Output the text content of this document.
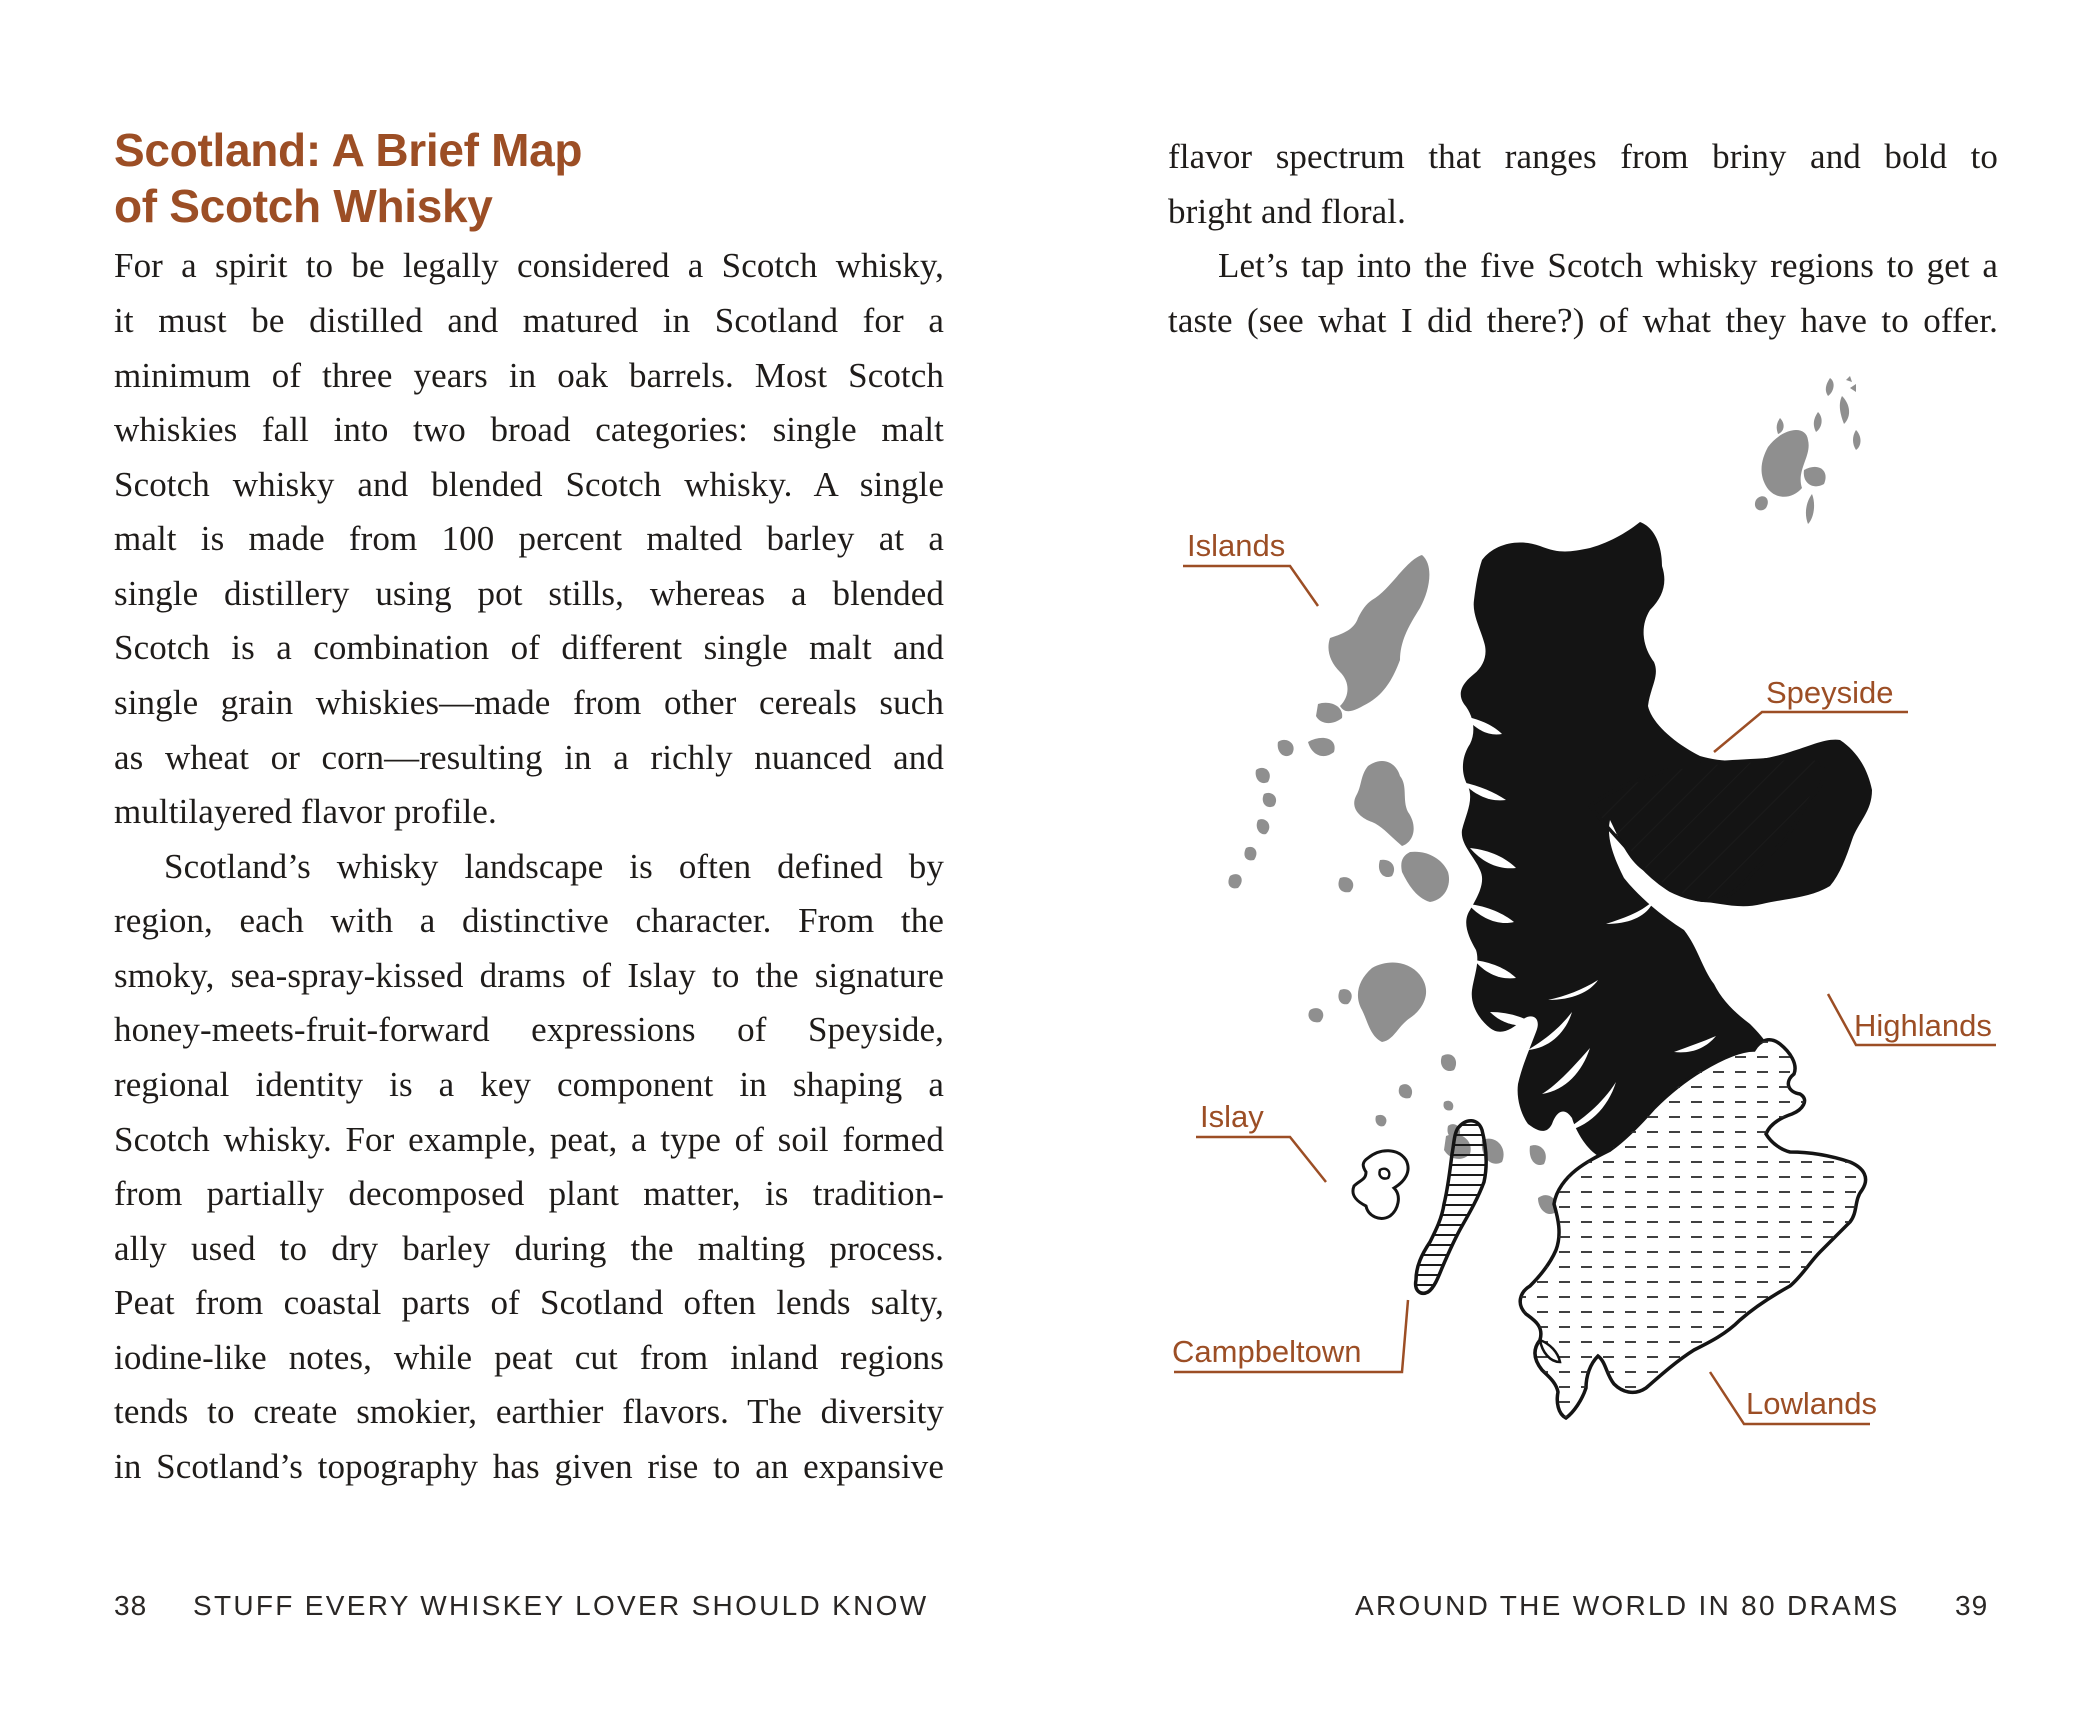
Scotland: A Brief Map
of Scotch Whisky

For a spirit to be legally considered a Scotch whisky,

it must be distilled and matured in Scotland for a

minimum of three years in oak barrels. Most Scotch

whiskies fall into two broad categories: single malt

Scotch whisky and blended Scotch whisky. A single

malt is made from 100 percent malted barley at a

single distillery using pot stills, whereas a blended

Scotch is a combination of different single malt and

single grain whiskies—made from other cereals such

as wheat or corn—resulting in a richly nuanced and

multilayered flavor profile.

Scotland’s whisky landscape is often defined by

region, each with a distinctive character. From the

smoky, sea-spray-kissed drams of Islay to the signature

honey-meets-fruit-forward expressions of Speyside,

regional identity is a key component in shaping a

Scotch whisky. For example, peat, a type of soil formed

from partially decomposed plant matter, is tradition-

ally used to dry barley during the malting process.

Peat from coastal parts of Scotland often lends salty,

iodine-like notes, while peat cut from inland regions

tends to create smokier, earthier flavors. The diversity

in Scotland’s topography has given rise to an expansive

38 STUFF EVERY WHISKEY LOVER SHOULD KNOW

flavor spectrum that ranges from briny and bold to

bright and floral.

Let’s tap into the five Scotch whisky regions to get a

taste (see what I did there?) of what they have to offer.

Islands
Speyside
Highlands
Islay
Campbeltown
Lowlands
AROUND THE WORLD IN 80 DRAMS 39
